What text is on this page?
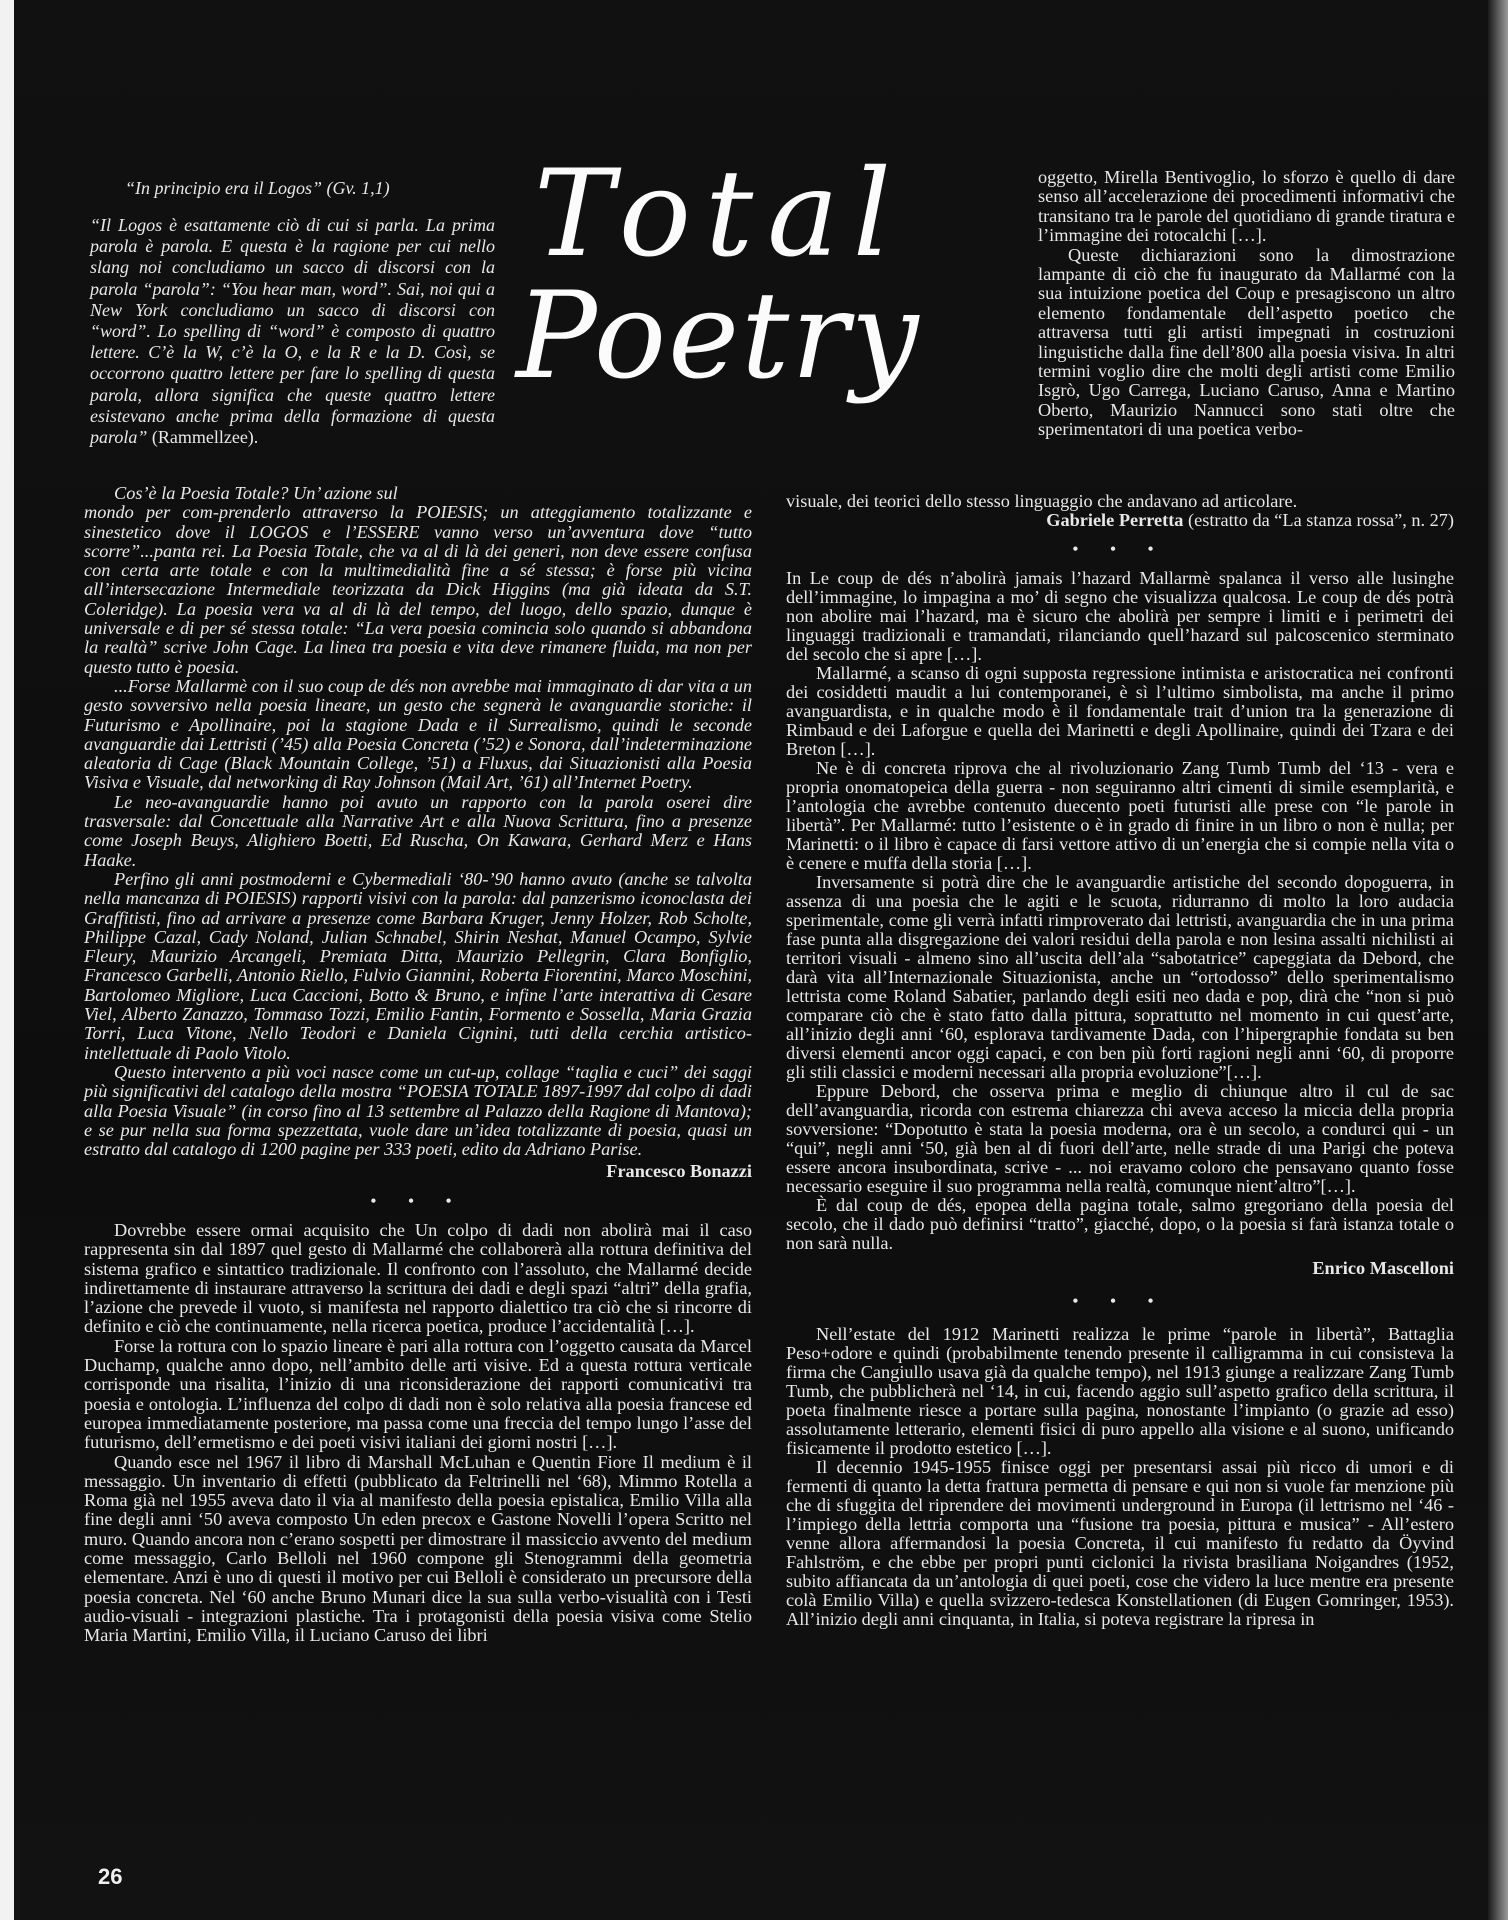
“In principio era il Logos” (Gv. 1,1)
“Il Logos è esattamente ciò di cui si parla. La prima parola è parola. E questa è la ragione per cui nello slang noi concludiamo un sacco di discorsi con la parola “parola”: “You hear man, word”. Sai, noi qui a New York concludiamo un sacco di discorsi con “word”. Lo spelling di “word” è composto di quattro lettere. C’è la W, c’è la O, e la R e la D. Così, se occorrono quattro lettere per fare lo spelling di questa parola, allora significa che queste quattro lettere esistevano anche prima della formazione di questa parola” (Rammellzee).
Total
Poetry

oggetto, Mirella Bentivoglio, lo sforzo è quello di dare senso all’accelerazione dei procedimenti informativi che transitano tra le parole del quotidiano di grande tiratura e l’immagine dei rotocalchi […].

Queste dichiarazioni sono la dimostrazione lampante di ciò che fu inaugurato da Mallarmé con la sua intuizione poetica del Coup e presagiscono un altro elemento fondamentale dell’aspetto poetico che attraversa tutti gli artisti impegnati in costruzioni linguistiche dalla fine dell’800 alla poesia visiva. In altri termini voglio dire che molti degli artisti come Emilio Isgrò, Ugo Carrega, Luciano Caruso, Anna e Martino Oberto, Maurizio Nannucci sono stati oltre che sperimentatori di una poetica verbo-

Cos’è la Poesia Totale? Un’ azione sul

mondo per com-prenderlo attraverso la POIESIS; un atteggiamento totalizzante e sinestetico dove il LOGOS e l’ESSERE vanno verso un’avventura dove “tutto scorre”...panta rei. La Poesia Totale, che va al di là dei generi, non deve essere confusa con certa arte totale e con la multimedialità fine a sé stessa; è forse più vicina all’intersecazione Intermediale teorizzata da Dick Higgins (ma già ideata da S.T. Coleridge). La poesia vera va al di là del tempo, del luogo, dello spazio, dunque è universale e di per sé stessa totale: “La vera poesia comincia solo quando si abbandona la realtà” scrive John Cage. La linea tra poesia e vita deve rimanere fluida, ma non per questo tutto è poesia.

...Forse Mallarmè con il suo coup de dés non avrebbe mai immaginato di dar vita a un gesto sovversivo nella poesia lineare, un gesto che segnerà le avanguardie storiche: il Futurismo e Apollinaire, poi la stagione Dada e il Surrealismo, quindi le seconde avanguardie dai Lettristi (’45) alla Poesia Concreta (’52) e Sonora, dall’indeterminazione aleatoria di Cage (Black Mountain College, ’51) a Fluxus, dai Situazionisti alla Poesia Visiva e Visuale, dal networking di Ray Johnson (Mail Art, ’61) all’Internet Poetry.

Le neo-avanguardie hanno poi avuto un rapporto con la parola oserei dire trasversale: dal Concettuale alla Narrative Art e alla Nuova Scrittura, fino a presenze come Joseph Beuys, Alighiero Boetti, Ed Ruscha, On Kawara, Gerhard Merz e Hans Haake.

Perfino gli anni postmoderni e Cybermediali ‘80-’90 hanno avuto (anche se talvolta nella mancanza di POIESIS) rapporti visivi con la parola: dal panzerismo iconoclasta dei Graffitisti, fino ad arrivare a presenze come Barbara Kruger, Jenny Holzer, Rob Scholte, Philippe Cazal, Cady Noland, Julian Schnabel, Shirin Neshat, Manuel Ocampo, Sylvie Fleury, Maurizio Arcangeli, Premiata Ditta, Maurizio Pellegrin, Clara Bonfiglio, Francesco Garbelli, Antonio Riello, Fulvio Giannini, Roberta Fiorentini, Marco Moschini, Bartolomeo Migliore, Luca Caccioni, Botto & Bruno, e infine l’arte interattiva di Cesare Viel, Alberto Zanazzo, Tommaso Tozzi, Emilio Fantin, Formento e Sossella, Maria Grazia Torri, Luca Vitone, Nello Teodori e Daniela Cignini, tutti della cerchia artistico-intellettuale di Paolo Vitolo.

Questo intervento a più voci nasce come un cut-up, collage “taglia e cuci” dei saggi più significativi del catalogo della mostra “POESIA TOTALE 1897-1997 dal colpo di dadi alla Poesia Visuale” (in corso fino al 13 settembre al Palazzo della Ragione di Mantova); e se pur nella sua forma spezzettata, vuole dare un’idea totalizzante di poesia, quasi un estratto dal catalogo di 1200 pagine per 333 poeti, edito da Adriano Parise.

Francesco Bonazzi

• • •

Dovrebbe essere ormai acquisito che Un colpo di dadi non abolirà mai il caso rappresenta sin dal 1897 quel gesto di Mallarmé che collaborerà alla rottura definitiva del sistema grafico e sintattico tradizionale. Il confronto con l’assoluto, che Mallarmé decide indirettamente di instaurare attraverso la scrittura dei dadi e degli spazi “altri” della grafia, l’azione che prevede il vuoto, si manifesta nel rapporto dialettico tra ciò che si rincorre di definito e ciò che continuamente, nella ricerca poetica, produce l’accidentalità […].

Forse la rottura con lo spazio lineare è pari alla rottura con l’oggetto causata da Marcel Duchamp, qualche anno dopo, nell’ambito delle arti visive. Ed a questa rottura verticale corrisponde una risalita, l’inizio di una riconsiderazione dei rapporti comunicativi tra poesia e ontologia. L’influenza del colpo di dadi non è solo relativa alla poesia francese ed europea immediatamente posteriore, ma passa come una freccia del tempo lungo l’asse del futurismo, dell’ermetismo e dei poeti visivi italiani dei giorni nostri […].

Quando esce nel 1967 il libro di Marshall McLuhan e Quentin Fiore Il medium è il messaggio. Un inventario di effetti (pubblicato da Feltrinelli nel ‘68), Mimmo Rotella a Roma già nel 1955 aveva dato il via al manifesto della poesia epistalica, Emilio Villa alla fine degli anni ‘50 aveva composto Un eden precox e Gastone Novelli l’opera Scritto nel muro. Quando ancora non c’erano sospetti per dimostrare il massiccio avvento del medium come messaggio, Carlo Belloli nel 1960 compone gli Stenogrammi della geometria elementare. Anzi è uno di questi il motivo per cui Belloli è considerato un precursore della poesia concreta. Nel ‘60 anche Bruno Munari dice la sua sulla verbo-visualità con i Testi audio-visuali - integrazioni plastiche. Tra i protagonisti della poesia visiva come Stelio Maria Martini, Emilio Villa, il Luciano Caruso dei libri

visuale, dei teorici dello stesso linguaggio che andavano ad articolare.

Gabriele Perretta (estratto da “La stanza rossa”, n. 27)

• • •

In Le coup de dés n’abolirà jamais l’hazard Mallarmè spalanca il verso alle lusinghe dell’immagine, lo impagina a mo’ di segno che visualizza qualcosa. Le coup de dés potrà non abolire mai l’hazard, ma è sicuro che abolirà per sempre i limiti e i perimetri dei linguaggi tradizionali e tramandati, rilanciando quell’hazard sul palcoscenico sterminato del secolo che si apre […].

Mallarmé, a scanso di ogni supposta regressione intimista e aristocratica nei confronti dei cosiddetti maudit a lui contemporanei, è sì l’ultimo simbolista, ma anche il primo avanguardista, e in qualche modo è il fondamentale trait d’union tra la generazione di Rimbaud e dei Laforgue e quella dei Marinetti e degli Apollinaire, quindi dei Tzara e dei Breton […].

Ne è di concreta riprova che al rivoluzionario Zang Tumb Tumb del ‘13 - vera e propria onomatopeica della guerra - non seguiranno altri cimenti di simile esemplarità, e l’antologia che avrebbe contenuto duecento poeti futuristi alle prese con “le parole in libertà”. Per Mallarmé: tutto l’esistente o è in grado di finire in un libro o non è nulla; per Marinetti: o il libro è capace di farsi vettore attivo di un’energia che si compie nella vita o è cenere e muffa della storia […].

Inversamente si potrà dire che le avanguardie artistiche del secondo dopoguerra, in assenza di una poesia che le agiti e le scuota, ridurranno di molto la loro audacia sperimentale, come gli verrà infatti rimproverato dai lettristi, avanguardia che in una prima fase punta alla disgregazione dei valori residui della parola e non lesina assalti nichilisti ai territori visuali - almeno sino all’uscita dell’ala “sabotatrice” capeggiata da Debord, che darà vita all’Internazionale Situazionista, anche un “ortodosso” dello sperimentalismo lettrista come Roland Sabatier, parlando degli esiti neo dada e pop, dirà che “non si può comparare ciò che è stato fatto dalla pittura, soprattutto nel momento in cui quest’arte, all’inizio degli anni ‘60, esplorava tardivamente Dada, con l’hipergraphie fondata su ben diversi elementi ancor oggi capaci, e con ben più forti ragioni negli anni ‘60, di proporre gli stili classici e moderni necessari alla propria evoluzione”[…].

Eppure Debord, che osserva prima e meglio di chiunque altro il cul de sac dell’avanguardia, ricorda con estrema chiarezza chi aveva acceso la miccia della propria sovversione: “Dopotutto è stata la poesia moderna, ora è un secolo, a condurci qui - un “qui”, negli anni ‘50, già ben al di fuori dell’arte, nelle strade di una Parigi che poteva essere ancora insubordinata, scrive - ... noi eravamo coloro che pensavano quanto fosse necessario eseguire il suo programma nella realtà, comunque nient’altro”[…].

È dal coup de dés, epopea della pagina totale, salmo gregoriano della poesia del secolo, che il dado può definirsi “tratto”, giacché, dopo, o la poesia si farà istanza totale o non sarà nulla.

Enrico Mascelloni

• • •

Nell’estate del 1912 Marinetti realizza le prime “parole in libertà”, Battaglia Peso+odore e quindi (probabilmente tenendo presente il calligramma in cui consisteva la firma che Cangiullo usava già da qualche tempo), nel 1913 giunge a realizzare Zang Tumb Tumb, che pubblicherà nel ‘14, in cui, facendo aggio sull’aspetto grafico della scrittura, il poeta finalmente riesce a portare sulla pagina, nonostante l’impianto (o grazie ad esso) assolutamente letterario, elementi fisici di puro appello alla visione e al suono, unificando fisicamente il prodotto estetico […].

Il decennio 1945-1955 finisce oggi per presentarsi assai più ricco di umori e di fermenti di quanto la detta frattura permetta di pensare e qui non si vuole far menzione più che di sfuggita del riprendere dei movimenti underground in Europa (il lettrismo nel ‘46 - l’impiego della lettria comporta una “fusione tra poesia, pittura e musica” - All’estero venne allora affermandosi la poesia Concreta, il cui manifesto fu redatto da Öyvind Fahlström, e che ebbe per propri punti ciclonici la rivista brasiliana Noigandres (1952, subito affiancata da un’antologia di quei poeti, cose che videro la luce mentre era presente colà Emilio Villa) e quella svizzero-tedesca Konstellationen (di Eugen Gomringer, 1953). All’inizio degli anni cinquanta, in Italia, si poteva registrare la ripresa in

26
